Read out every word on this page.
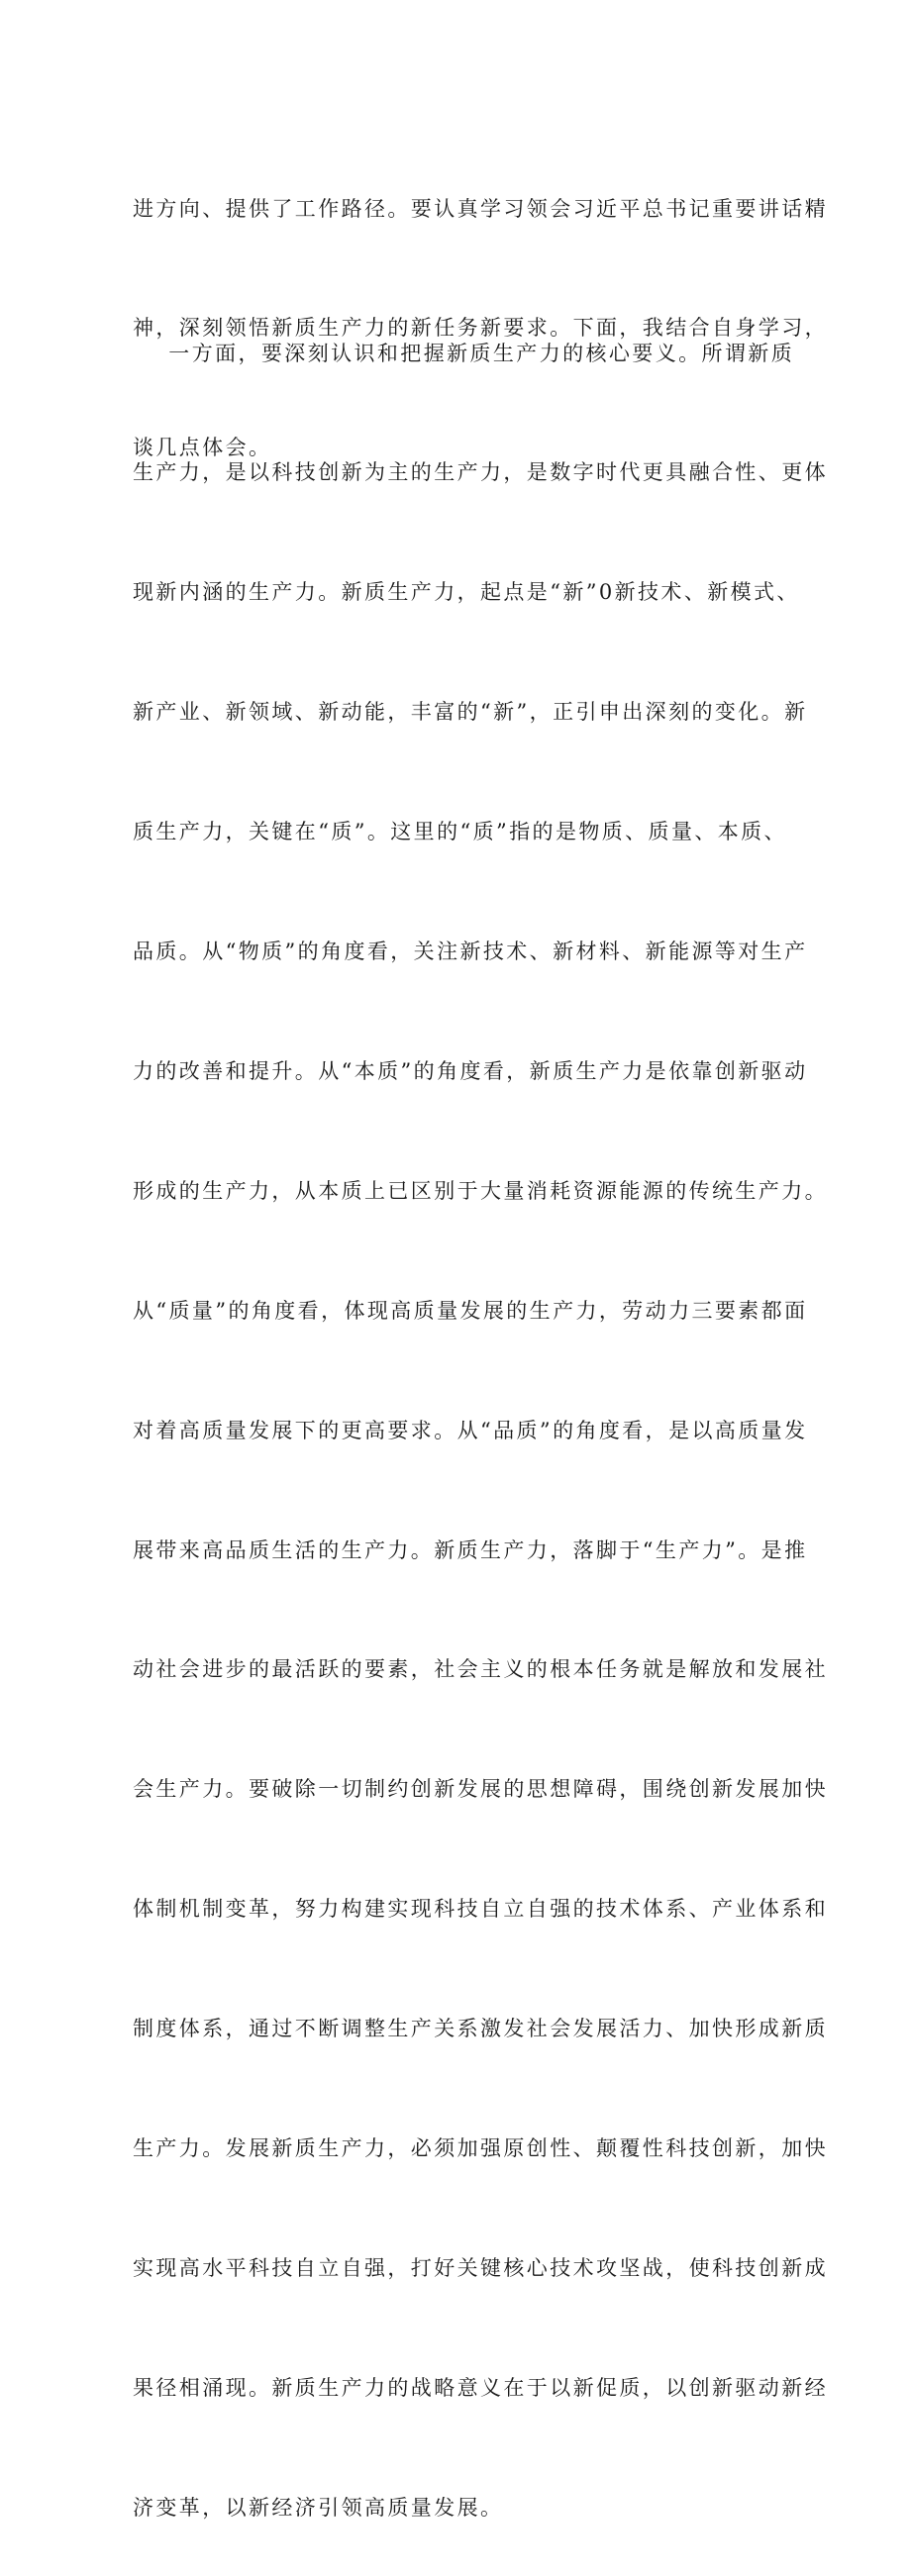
进方向、提供了工作路径。要认真学习领会习近平总书记重要讲话精

神，深刻领悟新质生产力的新任务新要求。下面，我结合自身学习，

谈几点体会。

一方面，要深刻认识和把握新质生产力的核心要义。所谓新质

生产力，是以科技创新为主的生产力，是数字时代更具融合性、更体

现新内涵的生产力。新质生产力，起点是“新”0新技术、新模式、

新产业、新领域、新动能，丰富的“新”，正引申出深刻的变化。新

质生产力，关键在“质”。这里的“质”指的是物质、质量、本质、

品质。从“物质”的角度看，关注新技术、新材料、新能源等对生产

力的改善和提升。从“本质”的角度看，新质生产力是依靠创新驱动

形成的生产力，从本质上已区别于大量消耗资源能源的传统生产力。

从“质量”的角度看，体现高质量发展的生产力，劳动力三要素都面

对着高质量发展下的更高要求。从“品质”的角度看，是以高质量发

展带来高品质生活的生产力。新质生产力，落脚于“生产力”。是推

动社会进步的最活跃的要素，社会主义的根本任务就是解放和发展社

会生产力。要破除一切制约创新发展的思想障碍，围绕创新发展加快

体制机制变革，努力构建实现科技自立自强的技术体系、产业体系和

制度体系，通过不断调整生产关系激发社会发展活力、加快形成新质

生产力。发展新质生产力，必须加强原创性、颠覆性科技创新，加快

实现高水平科技自立自强，打好关键核心技术攻坚战，使科技创新成

果径相涌现。新质生产力的战略意义在于以新促质，以创新驱动新经

济变革，以新经济引领高质量发展。
